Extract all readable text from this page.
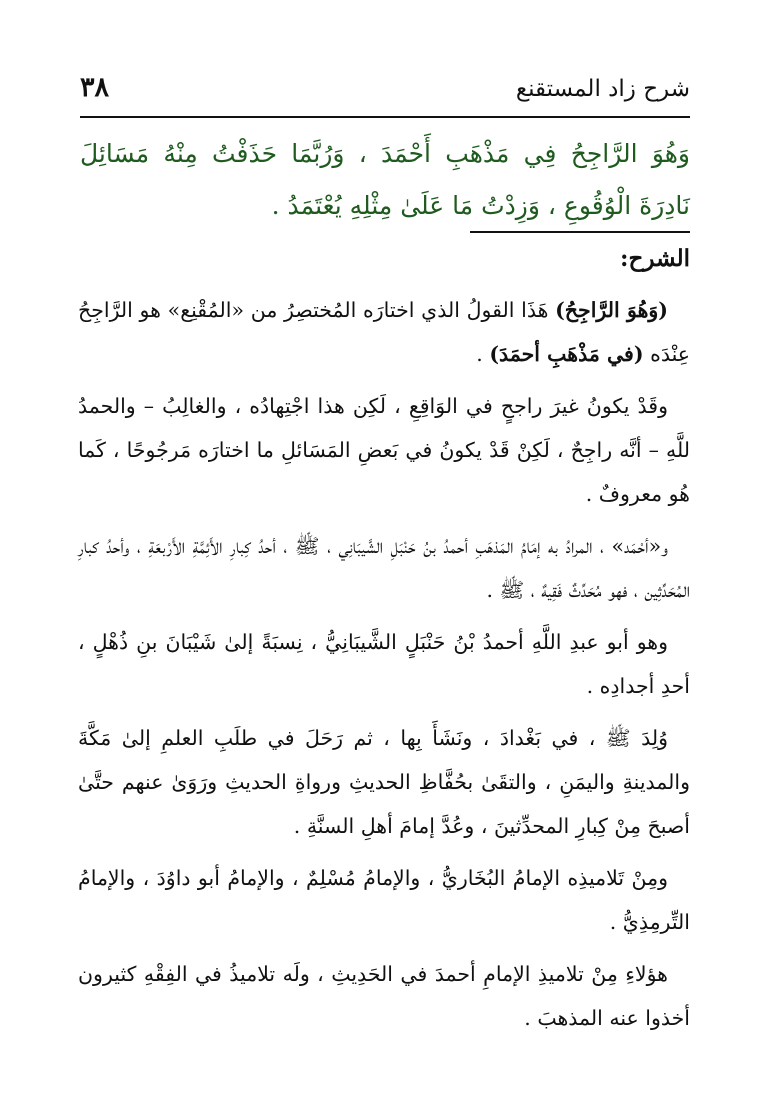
٣٨	شرح زاد المستقنع
وَهُوَ الرَّاجِحُ فِي مَذْهَبِ أَحْمَدَ ، وَرُبَّمَا حَذَفْتُ مِنْهُ مَسَائِلَ نَادِرَةَ الْوُقُوعِ ، وَزِدْتُ مَا عَلَىٰ مِثْلِهِ يُعْتَمَدُ .
الشرح:

(وَهُوَ الرَّاجِحُ) هَذَا القولُ الذي اختارَه المُختصِرُ من «المُقْنِع» هو الرَّاجِحُ عِنْدَه (في مَذْهَبِ أحمَدَ) .

وقَدْ يكونُ غيرَ راجحٍ في الوَاقِعِ ، لَكِن هذا اجْتِهادُه ، والغالِبُ – والحمدُ للَّهِ – أنَّه راجِحٌ ، لَكِنْ قَدْ يكونُ في بَعضِ المَسَائلِ ما اختارَه مَرجُوحًا ، كَما هُو معروفٌ .

و«أحْمَد» ، المرادُ به إمَامُ المَذهَبِ أحمدُ بنُ حَنْبَلِ الشَّيبَانِي ، ﷺ ، أحدُ كِبارِ الأَئِمَّةِ الأَرْبعَةِ ، وأحدُ كبارِ المُحَدِّثِين ، فهو مُحَدِّثٌ فَقِيهٌ ، ﷺ .

وهو أبو عبدِ اللَّهِ أحمدُ بْنُ حَنْبَلٍ الشَّيبَانِيُّ ، نِسبَةً إلىٰ شَيْبَانَ بنِ ذُهْلٍ ، أحدِ أجدادِه .

وُلِدَ ﷺ ، في بَغْدادَ ، ونَشَأَ بِها ، ثم رَحَلَ في طلَبِ العلمِ إلىٰ مَكَّةَ والمدينةِ واليمَنِ ، والتقَىٰ بحُفَّاظِ الحديثِ ورواةِ الحديثِ ورَوَىٰ عنهم حتَّىٰ أصبحَ مِنْ كِبارِ المحدِّثينَ ، وعُدَّ إمامَ أهلِ السنَّةِ .

ومِنْ تَلاميذِه الإمامُ البُخَاريُّ ، والإمامُ مُسْلِمٌ ، والإمامُ أبو داوُدَ ، والإمامُ التِّرمِذِيُّ .

هؤلاءِ مِنْ تلاميذِ الإمامِ أحمدَ في الحَدِيثِ ، ولَه تلاميذُ في الفِقْهِ كثيرون أخذوا عنه المذهبَ .
